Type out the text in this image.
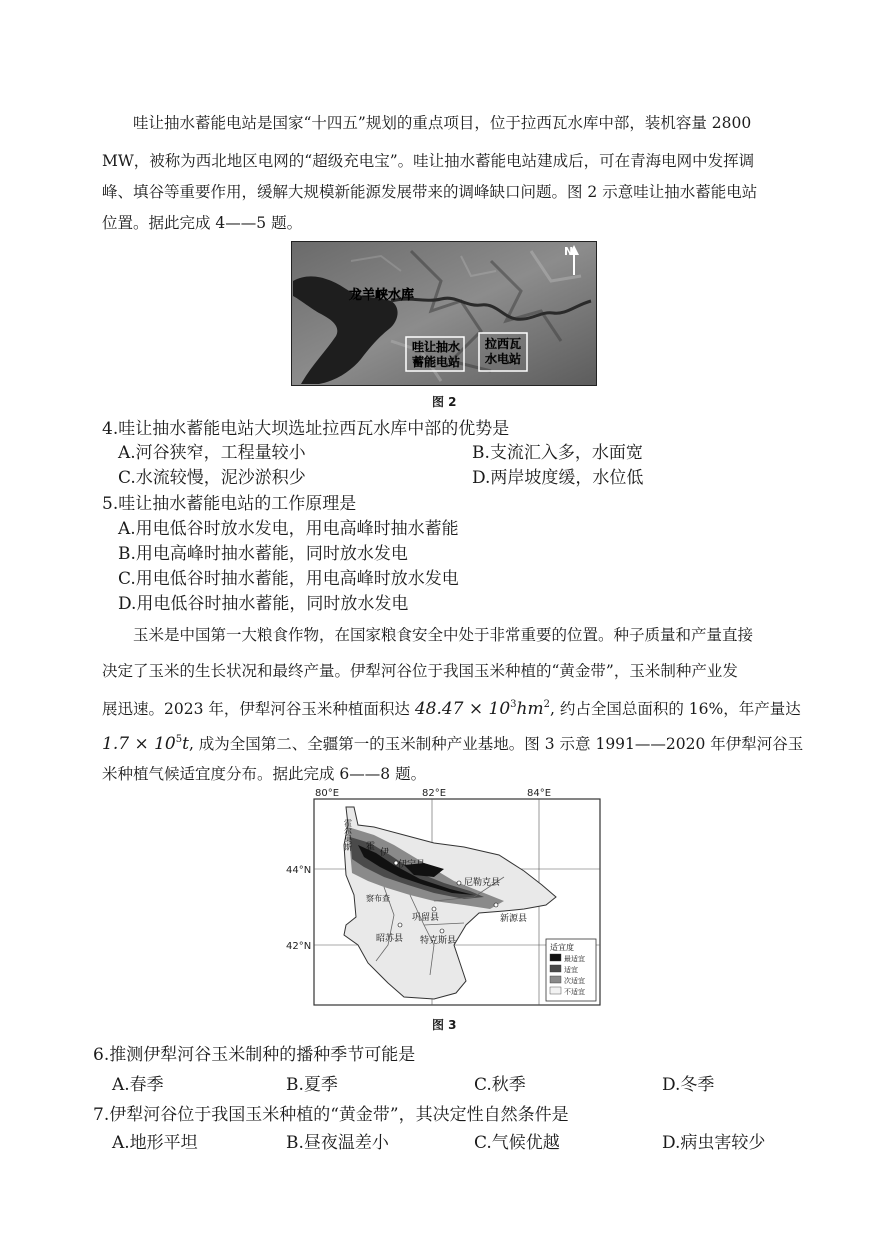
哇让抽水蓄能电站是国家“十四五”规划的重点项目，位于拉西瓦水库中部，装机容量 2800
MW，被称为西北地区电网的“超级充电宝”。哇让抽水蓄能电站建成后，可在青海电网中发挥调
峰、填谷等重要作用，缓解大规模新能源发展带来的调峰缺口问题。图 2 示意哇让抽水蓄能电站
位置。据此完成 4——5 题。
龙羊峡水库
N
哇让抽水
蓄能电站
拉西瓦
水电站
图 2
4.哇让抽水蓄能电站大坝选址拉西瓦水库中部的优势是
A.河谷狭窄，工程量较小	B.支流汇入多，水面宽
C.水流较慢，泥沙淤积少	D.两岸坡度缓，水位低
5.哇让抽水蓄能电站的工作原理是
A.用电低谷时放水发电，用电高峰时抽水蓄能
B.用电高峰时抽水蓄能，同时放水发电
C.用电低谷时抽水蓄能，用电高峰时放水发电
D.用电低谷时抽水蓄能，同时放水发电
玉米是中国第一大粮食作物，在国家粮食安全中处于非常重要的位置。种子质量和产量直接
决定了玉米的生长状况和最终产量。伊犁河谷位于我国玉米种植的“黄金带”，玉米制种产业发
展迅速。2023 年，伊犁河谷玉米种植面积达 $48.47 \times 10^3hm^2$, 约占全国总面积的 16%，年产量达
$1.7 \times 10^5t$, 成为全国第二、全疆第一的玉米制种产业基地。图 3 示意 1991——2020 年伊犁河谷玉
米种植气候适宜度分布。据此完成 6——8 题。
80°E	82°E	84°E
44°N
42°N
霍尔果斯 霍
伊
察布查
伊宁县
尼勒克县
巩留县	新源县
昭苏县 特克斯县
适宜度
最适宜
适宜
次适宜
不适宜
图 3
6.推测伊犁河谷玉米制种的播种季节可能是
A.春季	B.夏季	C.秋季	D.冬季
7.伊犁河谷位于我国玉米种植的“黄金带”，其决定性自然条件是
A.地形平坦	B.昼夜温差小	C.气候优越	D.病虫害较少
